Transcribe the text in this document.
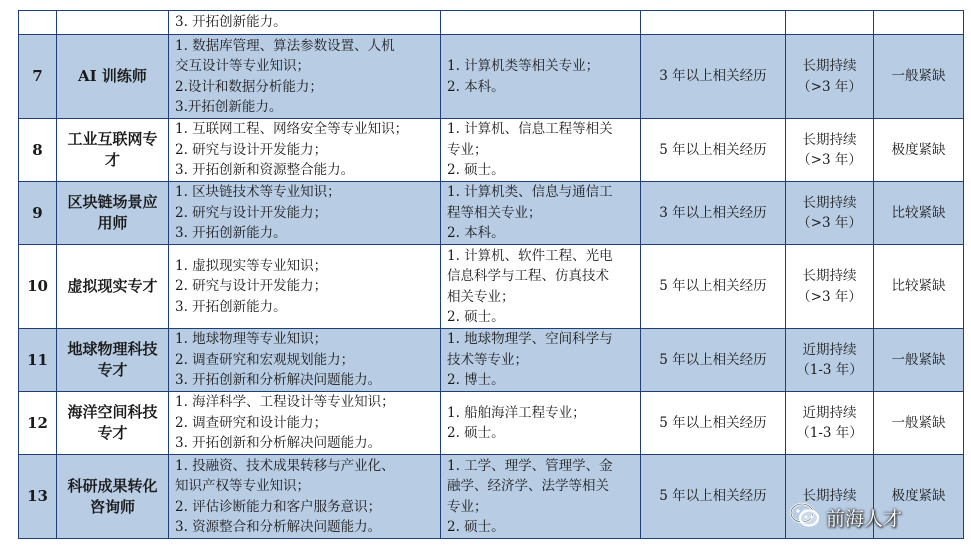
		3. 开拓创新能力。				

7	AI 训练师	1. 数据库管理、算法参数设置、人机
交互设计等专业知识；
2.设计和数据分析能力；
3.开拓创新能力。	1. 计算机类等相关专业；
2. 本科。	3 年以上相关经历	长期持续
（>3 年）	一般紧缺
8	工业互联网专
才	1. 互联网工程、网络安全等专业知识；
2. 研究与设计开发能力；
3. 开拓创新和资源整合能力。	1. 计算机、信息工程等相关
专业；
2. 硕士。	5 年以上相关经历	长期持续
（>3 年）	极度紧缺
9	区块链场景应
用师	1. 区块链技术等专业知识；
2. 研究与设计开发能力；
3. 开拓创新能力。	1. 计算机类、信息与通信工
程等相关专业；
2. 本科。	3 年以上相关经历	长期持续
（>3 年）	比较紧缺
10	虚拟现实专才	1. 虚拟现实等专业知识；
2. 研究与设计开发能力；
3. 开拓创新能力。	1. 计算机、软件工程、光电
信息科学与工程、仿真技术
相关专业；
2. 硕士。	5 年以上相关经历	长期持续
（>3 年）	比较紧缺
11	地球物理科技
专才	1. 地球物理等专业知识；
2. 调查研究和宏观规划能力；
3. 开拓创新和分析解决问题能力。	1. 地球物理学、空间科学与
技术等专业；
2. 博士。	5 年以上相关经历	近期持续
（1-3 年）	一般紧缺
12	海洋空间科技
专才	1. 海洋科学、工程设计等专业知识；
2. 调查研究和设计能力；
3. 开拓创新和分析解决问题能力。	1. 船舶海洋工程专业；
2. 硕士。	5 年以上相关经历	近期持续
（1-3 年）	一般紧缺
13	科研成果转化
咨询师	1. 投融资、技术成果转移与产业化、
知识产权等专业知识；
2. 评估诊断能力和客户服务意识；
3. 资源整合和分析解决问题能力。	1. 工学、理学、管理学、金
融学、经济学、法学等相关
专业；
2. 硕士。	5 年以上相关经历	长期持续	极度紧缺
前海人才
